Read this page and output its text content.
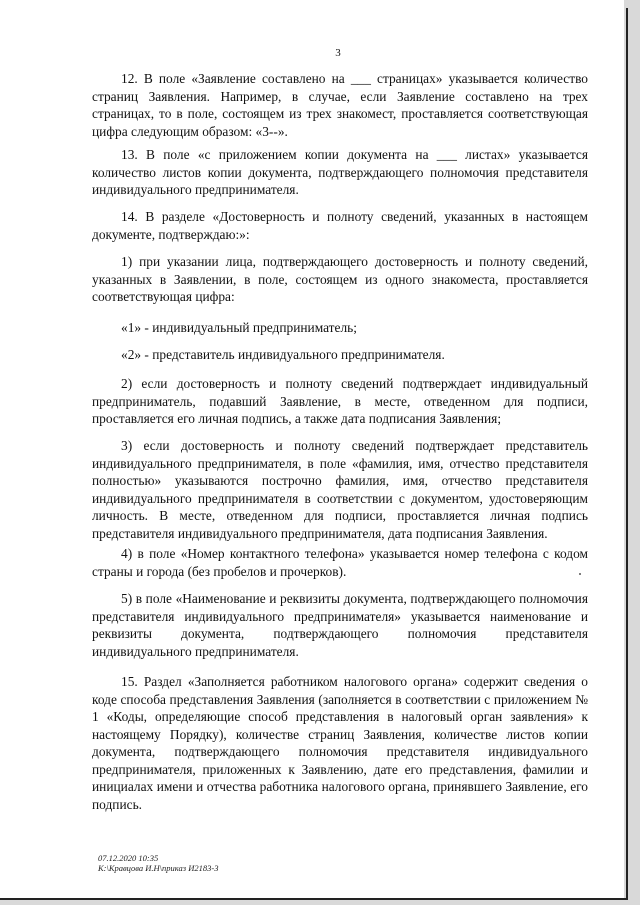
3

12. В поле «Заявление составлено на ___ страницах» указывается количество страниц Заявления. Например, в случае, если Заявление составлено на трех страницах, то в поле, состоящем из трех знакомест, проставляется соответствующая цифра следующим образом: «3--».

13. В поле «с приложением копии документа на ___ листах» указывается количество листов копии документа, подтверждающего полномочия представителя индивидуального предпринимателя.

14. В разделе «Достоверность и полноту сведений, указанных в настоящем документе, подтверждаю:»:

1) при указании лица, подтверждающего достоверность и полноту сведений, указанных в Заявлении, в поле, состоящем из одного знакоместа, проставляется соответствующая цифра:

«1» - индивидуальный предприниматель;

«2» - представитель индивидуального предпринимателя.

2) если достоверность и полноту сведений подтверждает индивидуальный предприниматель, подавший Заявление, в месте, отведенном для подписи, проставляется его личная подпись, а также дата подписания Заявления;

3) если достоверность и полноту сведений подтверждает представитель индивидуального предпринимателя, в поле «фамилия, имя, отчество представителя полностью» указываются построчно фамилия, имя, отчество представителя индивидуального предпринимателя в соответствии с документом, удостоверяющим личность. В месте, отведенном для подписи, проставляется личная подпись представителя индивидуального предпринимателя, дата подписания Заявления.

4) в поле «Номер контактного телефона» указывается номер телефона с кодом страны и города (без пробелов и прочерков).

5) в поле «Наименование и реквизиты документа, подтверждающего полномочия представителя индивидуального предпринимателя» указывается наименование и реквизиты документа, подтверждающего полномочия представителя индивидуального предпринимателя.

15. Раздел «Заполняется работником налогового органа» содержит сведения о коде способа представления Заявления (заполняется в соответствии с приложением № 1 «Коды, определяющие способ представления в налоговый орган заявления» к настоящему Порядку), количестве страниц Заявления, количестве листов копии документа, подтверждающего полномочия представителя индивидуального предпринимателя, приложенных к Заявлению, дате его представления, фамилии и инициалах имени и отчества работника налогового органа, принявшего Заявление, его подпись.

07.12.2020 10:35
К:\Кравцова И.Н\приказ И2183-3
